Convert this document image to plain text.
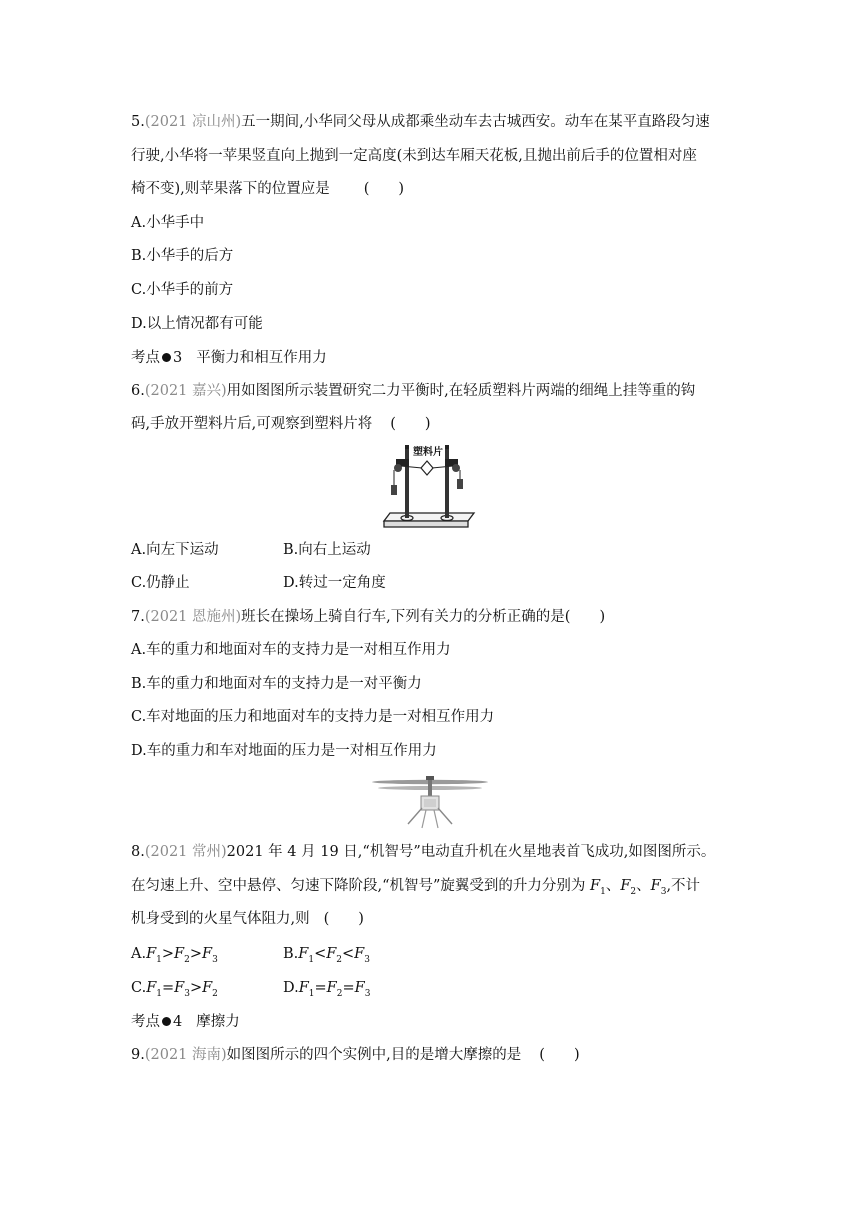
5.(2021 凉山州)五一期间,小华同父母从成都乘坐动车去古城西安。动车在某平直路段匀速
行驶,小华将一苹果竖直向上抛到一定高度(未到达车厢天花板,且抛出前后手的位置相对座
椅不变),则苹果落下的位置应是 (　　)
A.小华手中
B.小华手的后方
C.小华手的前方
D.以上情况都有可能
考点 3 平衡力和相互作用力
6.(2021 嘉兴)用如图图所示装置研究二力平衡时,在轻质塑料片两端的细绳上挂等重的钩
码,手放开塑料片后,可观察到塑料片将 (　　)
塑料片
A.向左下运动	B.向右上运动
C.仍静止	D.转过一定角度
7.(2021 恩施州)班长在操场上骑自行车,下列有关力的分析正确的是(　　)
A.车的重力和地面对车的支持力是一对相互作用力
B.车的重力和地面对车的支持力是一对平衡力
C.车对地面的压力和地面对车的支持力是一对相互作用力
D.车的重力和车对地面的压力是一对相互作用力
8.(2021 常州)2021 年 4 月 19 日,“机智号”电动直升机在火星地表首飞成功,如图图所示。
在匀速上升、空中悬停、匀速下降阶段,“机智号”旋翼受到的升力分别为 $F_1$、$F_2$、$F_3$,不计
机身受到的火星气体阻力,则 (　　)
$A.F_1>F_2>F_3$	$B.F_1<F_2<F_3$
$C.F_1=F_3>F_2$	$D.F_1=F_2=F_3$
考点 4 摩擦力
9.(2021 海南)如图图所示的四个实例中,目的是增大摩擦的是 (　　)
